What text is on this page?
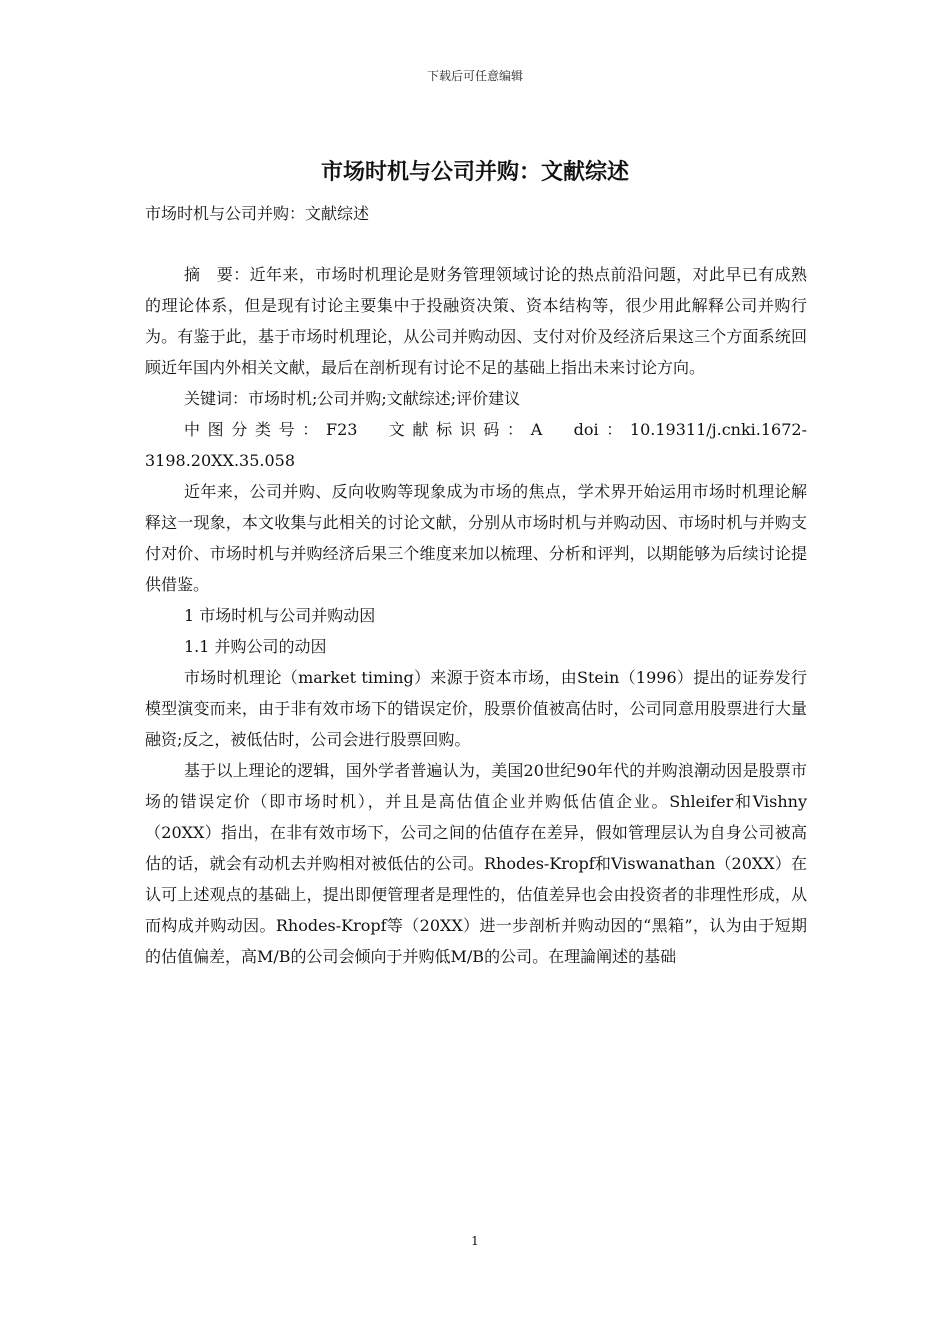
下载后可任意编辑
市场时机与公司并购：文献综述

市场时机与公司并购：文献综述

摘　要：近年来，市场时机理论是财务管理领域讨论的热点前沿问题，对此早已有成熟的理论体系，但是现有讨论主要集中于投融资决策、资本结构等，很少用此解释公司并购行为。有鉴于此，基于市场时机理论，从公司并购动因、支付对价及经济后果这三个方面系统回顾近年国内外相关文献，最后在剖析现有讨论不足的基础上指出未来讨论方向。

关键词：市场时机;公司并购;文献综述;评价建议

中图分类号：F23　文献标识码：A　doi：10.19311/j.cnki.1672-3198.20XX.35.058

近年来，公司并购、反向收购等现象成为市场的焦点，学术界开始运用市场时机理论解释这一现象，本文收集与此相关的讨论文献，分别从市场时机与并购动因、市场时机与并购支付对价、市场时机与并购经济后果三个维度来加以梳理、分析和评判，以期能够为后续讨论提供借鉴。

1 市场时机与公司并购动因

1.1 并购公司的动因

市场时机理论（market timing）来源于资本市场，由Stein（1996）提出的证券发行模型演变而来，由于非有效市场下的错误定价，股票价值被高估时，公司同意用股票进行大量融资;反之，被低估时，公司会进行股票回购。

基于以上理论的逻辑，国外学者普遍认为，美国20世纪90年代的并购浪潮动因是股票市场的错误定价（即市场时机），并且是高估值企业并购低估值企业。Shleifer和Vishny（20XX）指出，在非有效市场下，公司之间的估值存在差异，假如管理层认为自身公司被高估的话，就会有动机去并购相对被低估的公司。Rhodes-Kropf和Viswanathan（20XX）在认可上述观点的基础上，提出即便管理者是理性的，估值差异也会由投资者的非理性形成，从而构成并购动因。Rhodes-Kropf等（20XX）进一步剖析并购动因的“黑箱”，认为由于短期的估值偏差，高M/B的公司会倾向于并购低M/B的公司。在理論阐述的基础

1
